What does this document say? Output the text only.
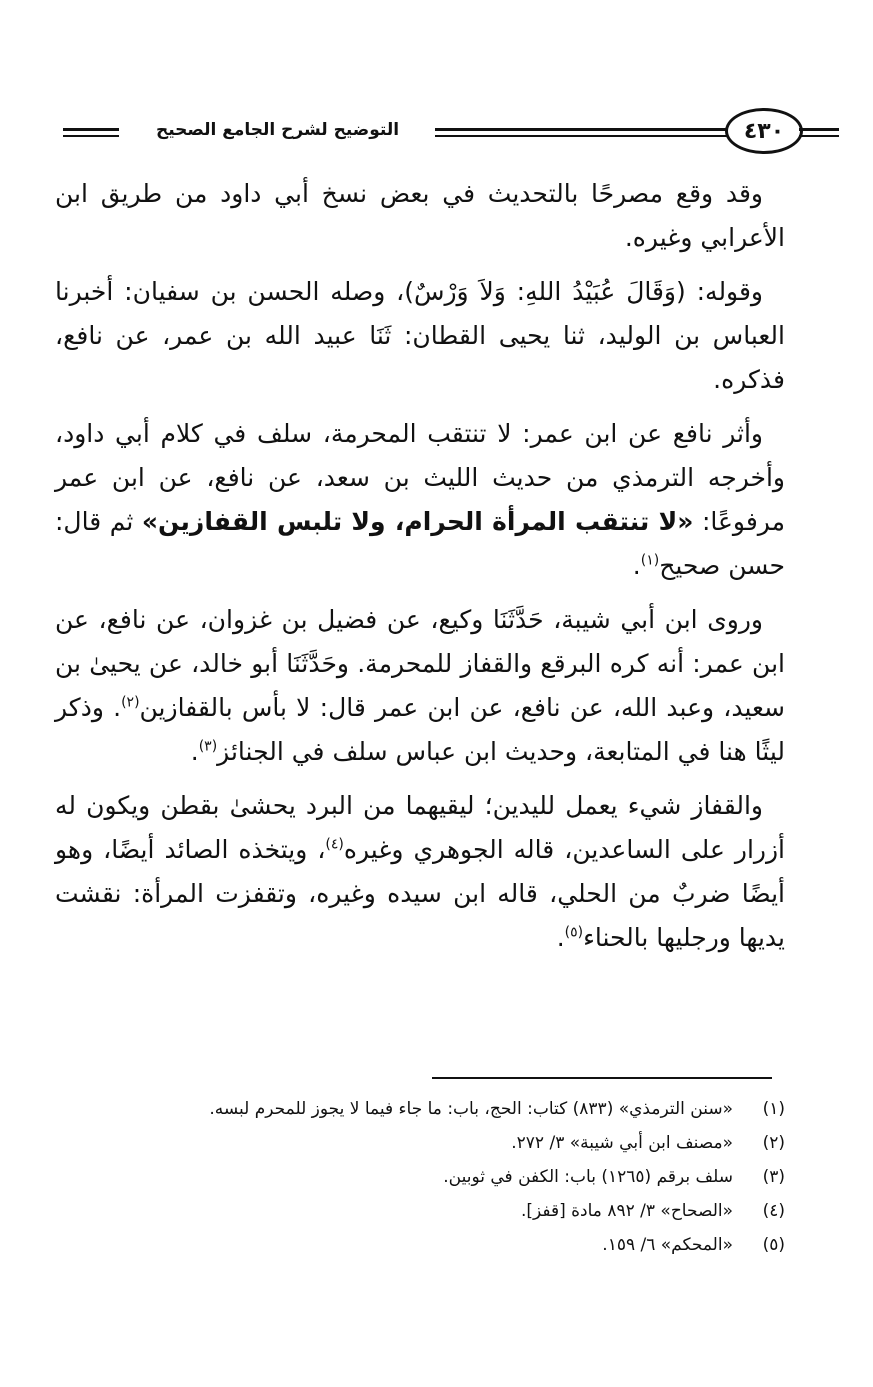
التوضيح لشرح الجامع الصحيح	٤٣٠

وقد وقع مصرحًا بالتحديث في بعض نسخ أبي داود من طريق ابن الأعرابي وغيره.

وقوله: (وَقَالَ عُبَيْدُ اللهِ: وَلاَ وَرْسٌ)، وصله الحسن بن سفيان: أخبرنا العباس بن الوليد، ثنا يحيى القطان: ثَنَا عبيد الله بن عمر، عن نافع، فذكره.

وأثر نافع عن ابن عمر: لا تنتقب المحرمة، سلف في كلام أبي داود، وأخرجه الترمذي من حديث الليث بن سعد، عن نافع، عن ابن عمر مرفوعًا: «لا تنتقب المرأة الحرام، ولا تلبس القفازين» ثم قال: حسن صحيح$^{(١)}$.

وروى ابن أبي شيبة، حَدَّثَنَا وكيع، عن فضيل بن غزوان، عن نافع، عن ابن عمر: أنه كره البرقع والقفاز للمحرمة. وحَدَّثَنَا أبو خالد، عن يحيىٰ بن سعيد، وعبد الله، عن نافع، عن ابن عمر قال: لا بأس بالقفازين$^{(٢)}$. وذكر ليثًا هنا في المتابعة، وحديث ابن عباس سلف في الجنائز$^{(٣)}$.

والقفاز شيء يعمل لليدين؛ ليقيهما من البرد يحشىٰ بقطن ويكون له أزرار على الساعدين، قاله الجوهري وغيره$^{(٤)}$، ويتخذه الصائد أيضًا، وهو أيضًا ضربٌ من الحلي، قاله ابن سيده وغيره، وتقفزت المرأة: نقشت يديها ورجليها بالحناء$^{(٥)}$.

(١)
«سنن الترمذي» (٨٣٣) كتاب: الحج، باب: ما جاء فيما لا يجوز للمحرم لبسه.
(٢)
«مصنف ابن أبي شيبة» ٣/ ٢٧٢.
(٣)
سلف برقم (١٢٦٥) باب: الكفن في ثوبين.
(٤)
«الصحاح» ٣/ ٨٩٢ مادة [قفز].
(٥)
«المحكم» ٦/ ١٥٩.
